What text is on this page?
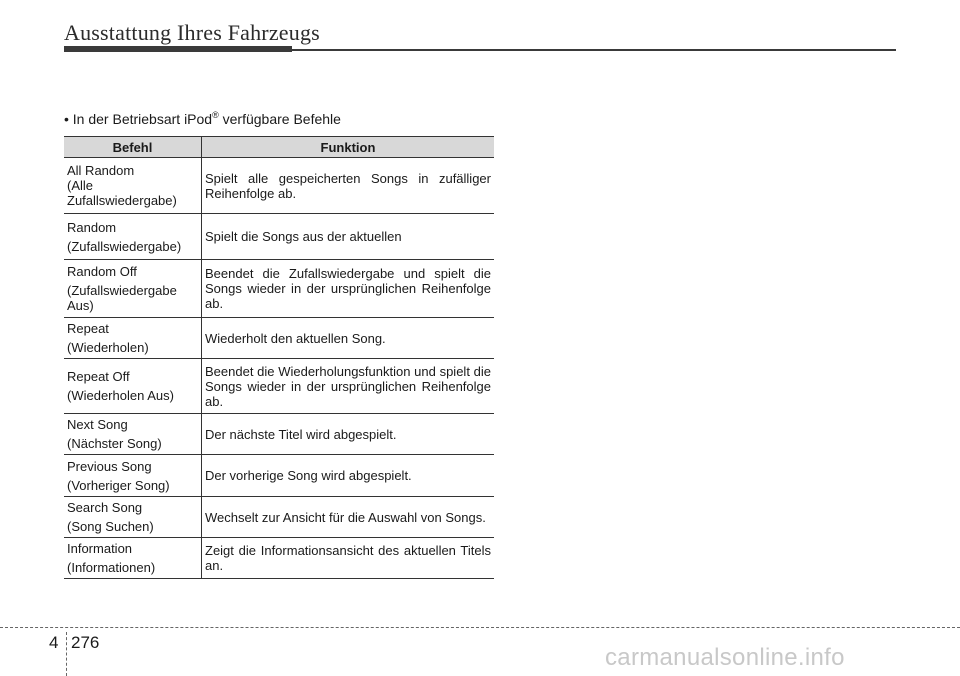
Ausstattung Ihres Fahrzeugs
• In der Betriebsart iPod® verfügbare Befehle
Befehl	Funktion

All Random
(Alle Zufallswiedergabe)	Spielt alle gespeicherten Songs in zufälliger Reihenfolge ab.

Random
(Zufallswiedergabe)	Spielt die Songs aus der aktuellen

Random Off
(Zufallswiedergabe Aus)	Beendet die Zufallswiedergabe und spielt die Songs wieder in der ursprünglichen Reihenfolge ab.

Repeat
(Wiederholen)	Wiederholt den aktuellen Song.

Repeat Off
(Wiederholen Aus)	Beendet die Wiederholungsfunktion und spielt die Songs wieder in der ursprünglichen Reihenfolge ab.

Next Song
(Nächster Song)	Der nächste Titel wird abgespielt.

Previous Song
(Vorheriger Song)	Der vorherige Song wird abgespielt.

Search Song
(Song Suchen)	Wechselt zur Ansicht für die Auswahl von Songs.

Information
(Informationen)	Zeigt die Informationsansicht des aktuellen Titels an.
4 276
carmanualsonline.info
